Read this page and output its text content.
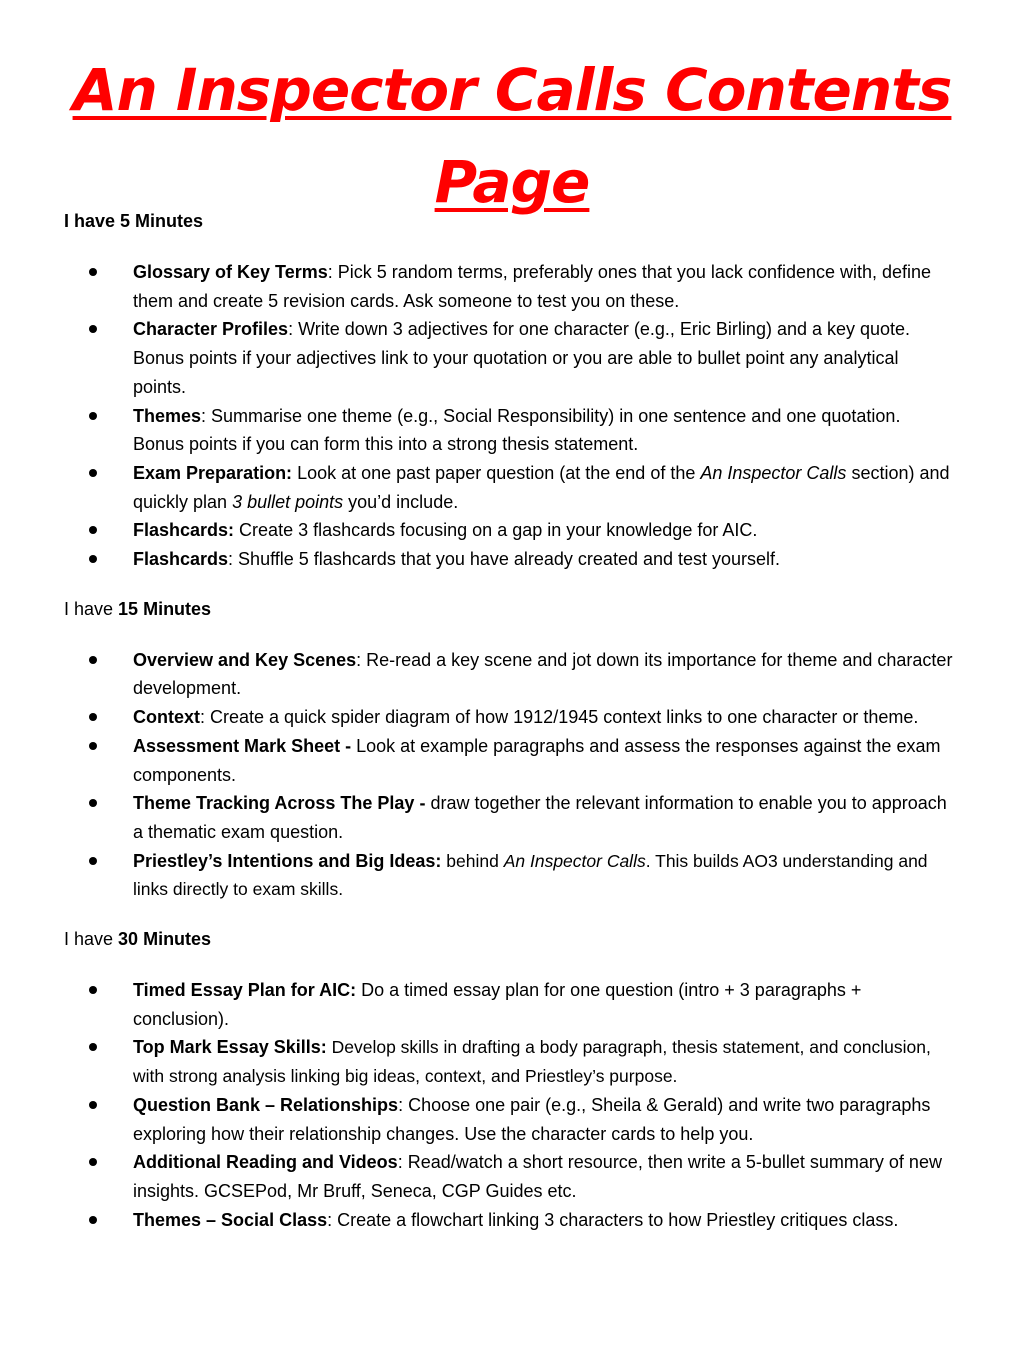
An Inspector Calls Contents Page

I have 5 Minutes

Glossary of Key Terms: Pick 5 random terms, preferably ones that you lack confidence with, define them and create 5 revision cards. Ask someone to test you on these.
Character Profiles: Write down 3 adjectives for one character (e.g., Eric Birling) and a key quote. Bonus points if your adjectives link to your quotation or you are able to bullet point any analytical points.
Themes: Summarise one theme (e.g., Social Responsibility) in one sentence and one quotation. Bonus points if you can form this into a strong thesis statement.
Exam Preparation: Look at one past paper question (at the end of the An Inspector Calls section) and quickly plan 3 bullet points you’d include.
Flashcards: Create 3 flashcards focusing on a gap in your knowledge for AIC.
Flashcards: Shuffle 5 flashcards that you have already created and test yourself.

I have 15 Minutes

Overview and Key Scenes: Re-read a key scene and jot down its importance for theme and character development.
Context: Create a quick spider diagram of how 1912/1945 context links to one character or theme.
Assessment Mark Sheet - Look at example paragraphs and assess the responses against the exam components.
Theme Tracking Across The Play - draw together the relevant information to enable you to approach a thematic exam question.
Priestley’s Intentions and Big Ideas: behind An Inspector Calls. This builds AO3 understanding and links directly to exam skills.

I have 30 Minutes

Timed Essay Plan for AIC: Do a timed essay plan for one question (intro + 3 paragraphs + conclusion).
Top Mark Essay Skills: Develop skills in drafting a body paragraph, thesis statement, and conclusion, with strong analysis linking big ideas, context, and Priestley’s purpose.
Question Bank – Relationships: Choose one pair (e.g., Sheila & Gerald) and write two paragraphs exploring how their relationship changes. Use the character cards to help you.
Additional Reading and Videos: Read/watch a short resource, then write a 5-bullet summary of new insights. GCSEPod, Mr Bruff, Seneca, CGP Guides etc.
Themes – Social Class: Create a flowchart linking 3 characters to how Priestley critiques class.
